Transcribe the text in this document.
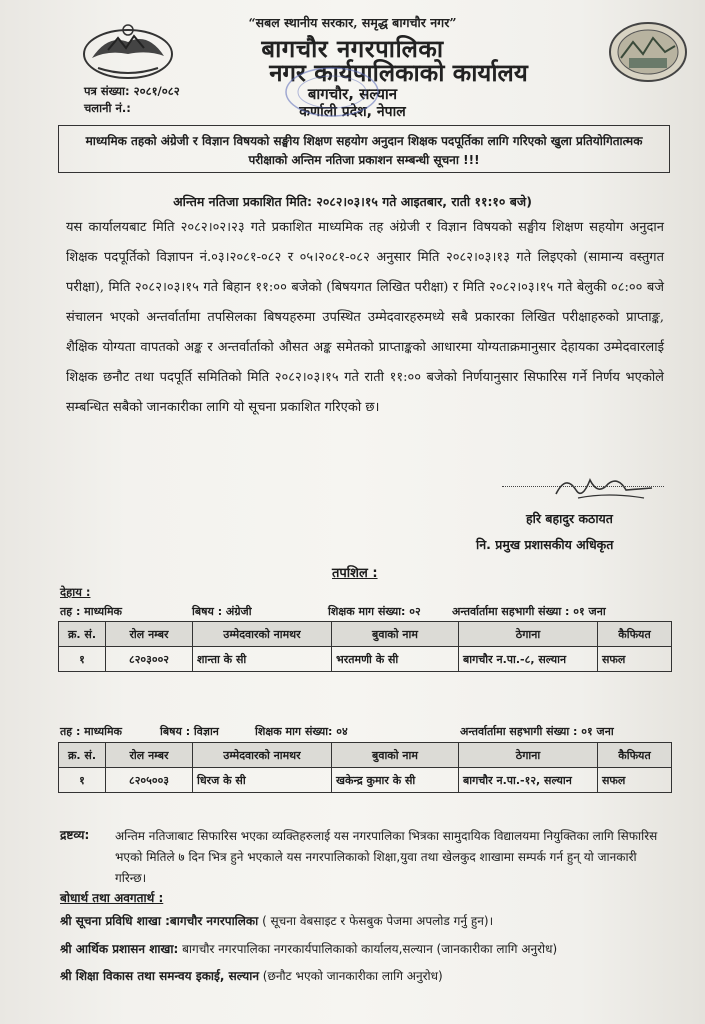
“सबल स्थानीय सरकार, समृद्ध बागचौर नगर”
बागचौर नगरपालिका
नगर कार्यपालिकाको कार्यालय
बागचौर, सल्यान
कर्णाली प्रदेश, नेपाल
पत्र संख्या: २०८१/०८२
चलानी नं.:
माध्यमिक तहको अंग्रेजी र विज्ञान विषयको सङ्घीय शिक्षण सहयोग अनुदान शिक्षक पदपूर्तिका लागि गरिएको खुला प्रतियोगितात्मक परीक्षाको अन्तिम नतिजा प्रकाशन सम्बन्धी सूचना !!!
अन्तिम नतिजा प्रकाशित मिति: २०८२।०३।१५ गते आइतबार, राती ११:१० बजे)
यस कार्यालयबाट मिति २०८२।०२।२३ गते प्रकाशित माध्यमिक तह अंग्रेजी र विज्ञान विषयको सङ्घीय शिक्षण सहयोग अनुदान शिक्षक पदपूर्तिको विज्ञापन नं.०३।२०८१-०८२ र ०५।२०८१-०८२ अनुसार मिति २०८२।०३।१३ गते लिइएको (सामान्य वस्तुगत परीक्षा), मिति २०८२।०३।१५ गते बिहान ११:०० बजेको (बिषयगत लिखित परीक्षा) र मिति २०८२।०३।१५ गते बेलुकी ०८:०० बजे संचालन भएको अन्तर्वार्तामा तपसिलका बिषयहरुमा उपस्थित उम्मेदवारहरुमध्ये सबै प्रकारका लिखित परीक्षाहरुको प्राप्ताङ्क, शैक्षिक योग्यता वापतको अङ्क र अन्तर्वार्ताको औसत अङ्क समेतको प्राप्ताङ्कको आधारमा योग्यताक्रमानुसार देहायका उम्मेदवारलाई शिक्षक छनौट तथा पदपूर्ति समितिको मिति २०८२।०३।१५ गते राती ११:०० बजेको निर्णयानुसार सिफारिस गर्ने निर्णय भएकोले सम्बन्धित सबैको जानकारीका लागि यो सूचना प्रकाशित गरिएको छ।
हरि बहादुर कठायत
नि. प्रमुख प्रशासकीय अधिकृत
तपशिल :
देहाय :
तह : माध्यमिक	बिषय : अंग्रेजी	शिक्षक माग संख्या: ०२	अन्तर्वार्तामा सहभागी संख्या : ०१ जना
क्र. सं.	रोल नम्बर	उम्मेदवारको नामथर	बुवाको नाम	ठेगाना	कैफियत
१	८२०३००२	शान्ता के सी	भरतमणी के सी	बागचौर न.पा.-८, सल्यान	सफल
तह : माध्यमिक	बिषय : विज्ञान	शिक्षक माग संख्या: ०४	अन्तर्वार्तामा सहभागी संख्या : ०१ जना
क्र. सं.	रोल नम्बर	उम्मेदवारको नामथर	बुवाको नाम	ठेगाना	कैफियत
१	८२०५००३	धिरज के सी	खकेन्द्र कुमार के सी	बागचौर न.पा.-१२, सल्यान	सफल
द्रष्टव्य: अन्तिम नतिजाबाट सिफारिस भएका व्यक्तिहरुलाई यस नगरपालिका भित्रका सामुदायिक विद्यालयमा नियुक्तिका लागि सिफारिस भएको मितिले ७ दिन भित्र हुने भएकाले यस नगरपालिकाको शिक्षा,युवा तथा खेलकुद शाखामा सम्पर्क गर्न हुन् यो जानकारी गरिन्छ।
बोधार्थ तथा अवगतार्थ :
श्री सूचना प्रविधि शाखा :बागचौर नगरपालिका ( सूचना वेबसाइट र फेसबुक पेजमा अपलोड गर्नु हुन)।
श्री आर्थिक प्रशासन शाखा: बागचौर नगरपालिका नगरकार्यपालिकाको कार्यालय,सल्यान (जानकारीका लागि अनुरोध)
श्री शिक्षा विकास तथा समन्वय इकाई, सल्यान (छनौट भएको जानकारीका लागि अनुरोध)
